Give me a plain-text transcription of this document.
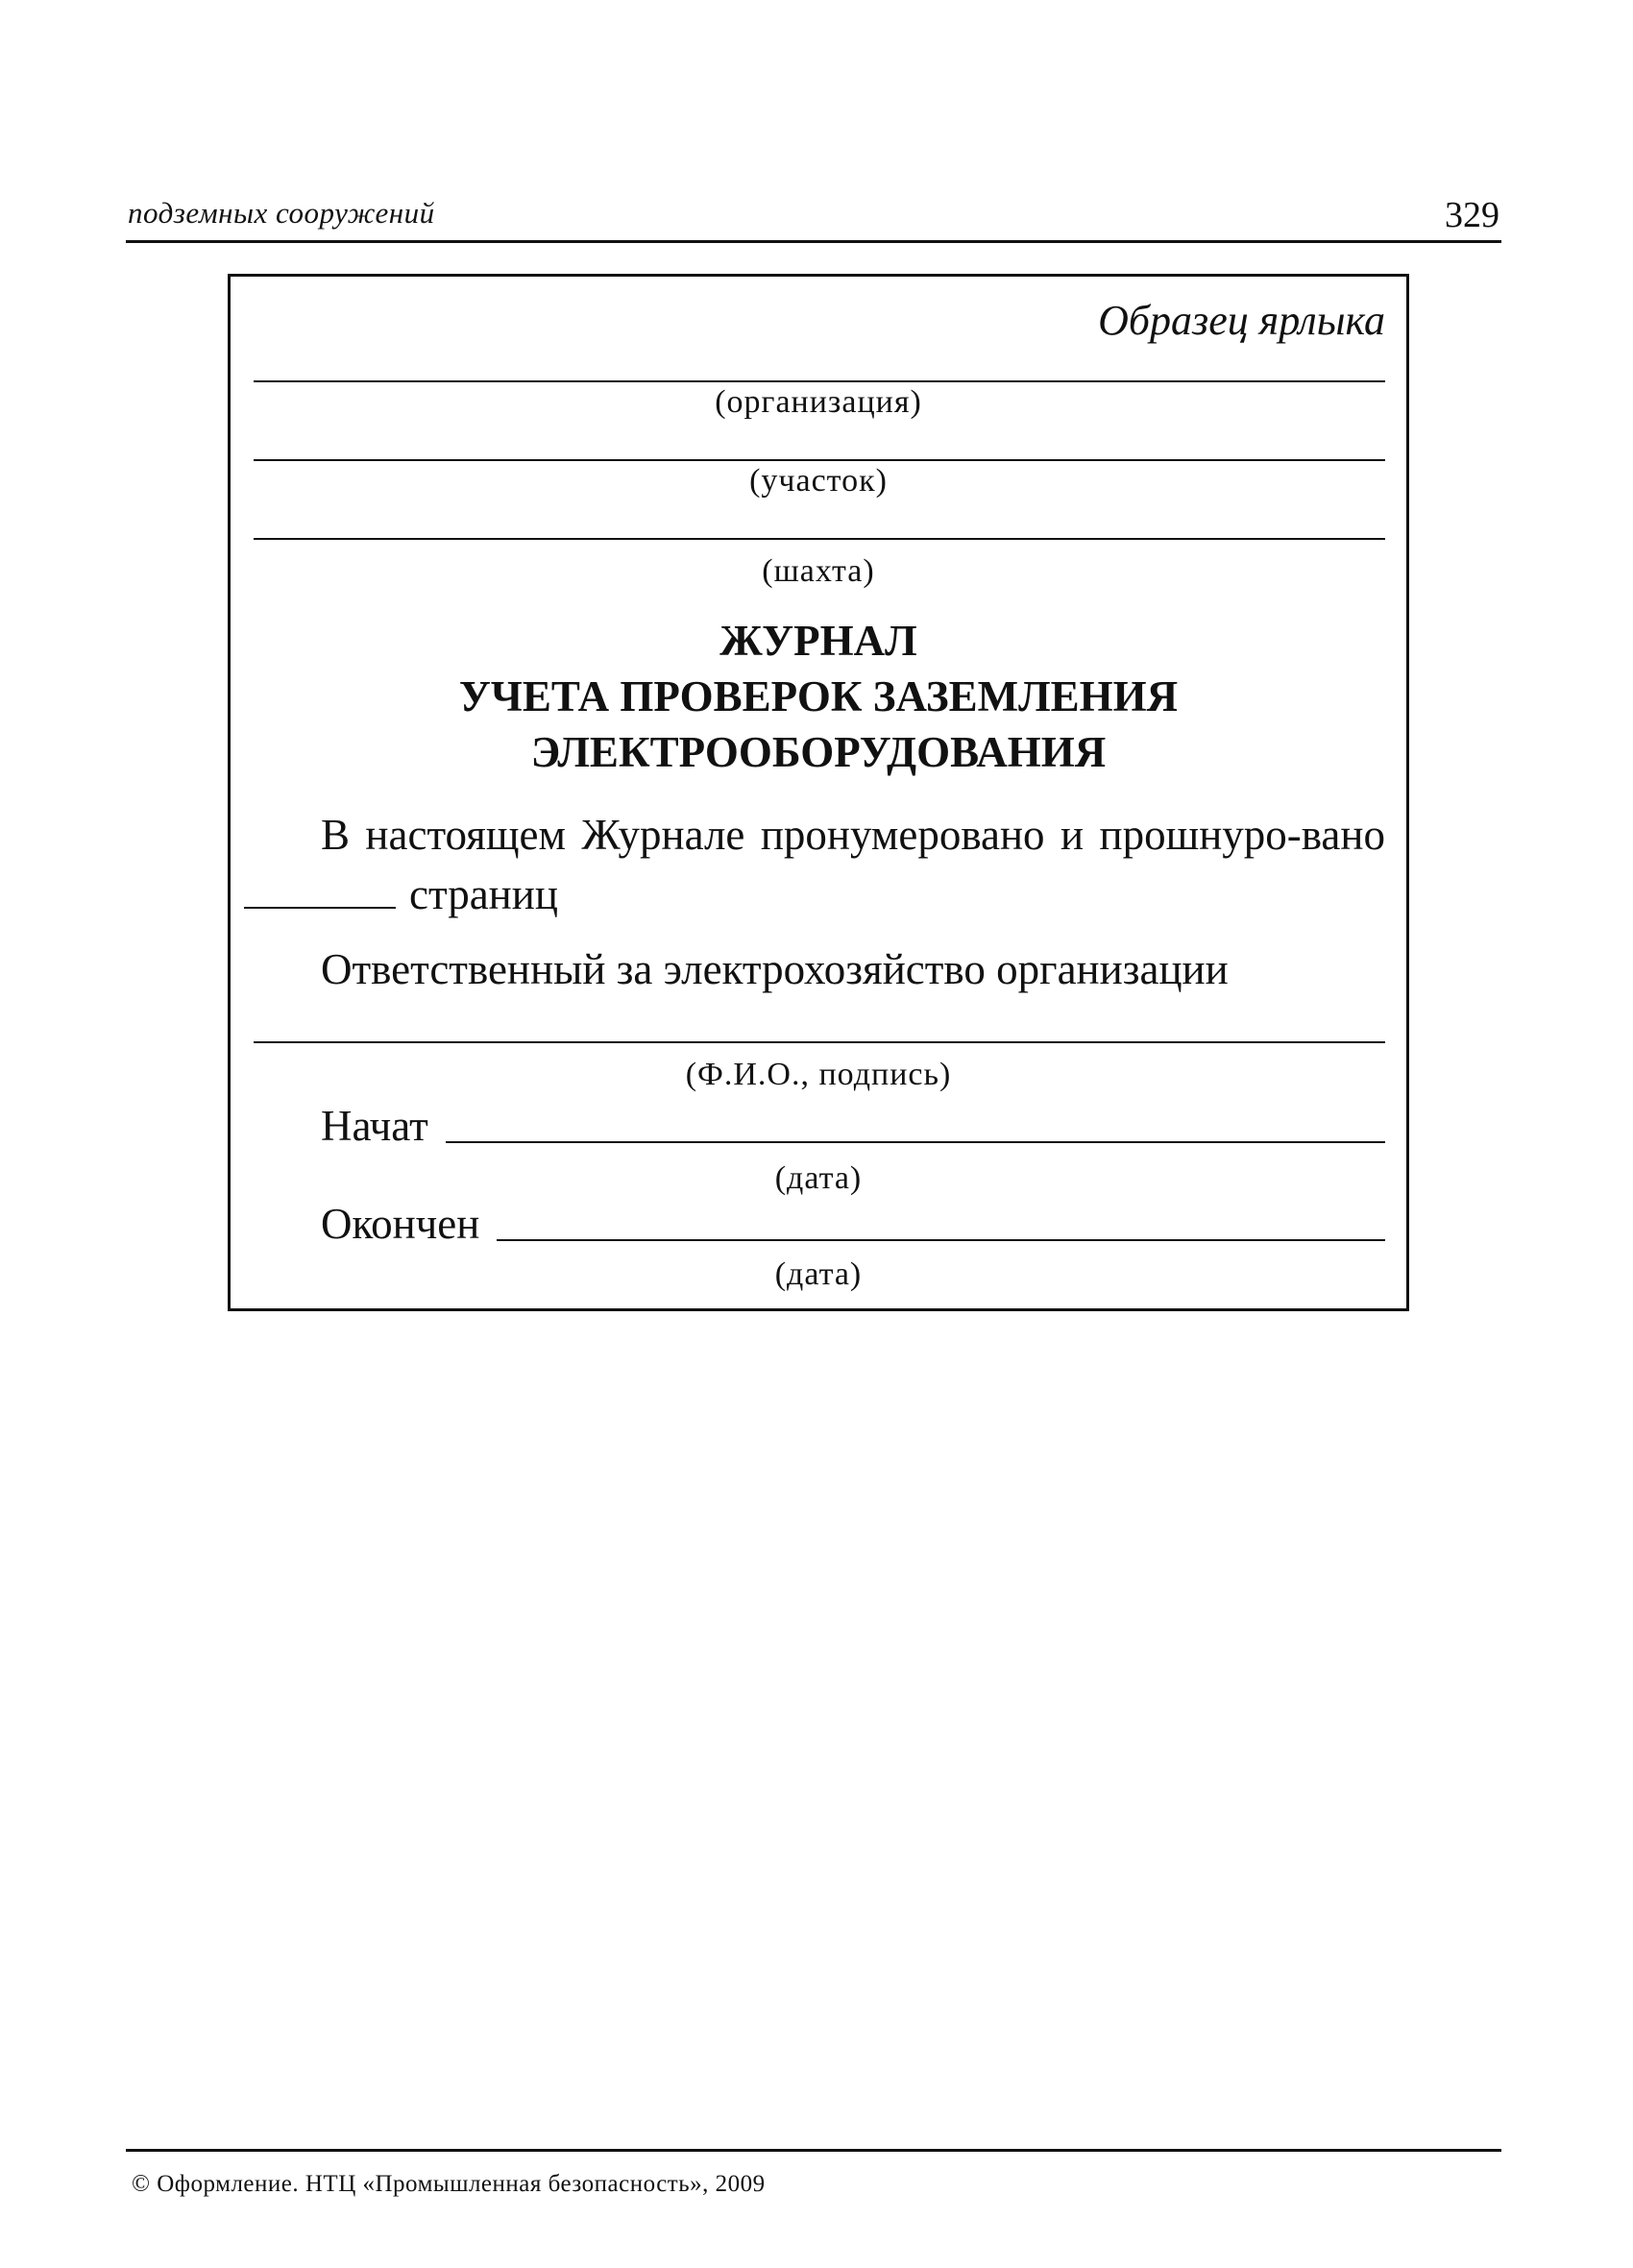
подземных сооружений	329
Образец ярлыка
(организация)
(участок)
(шахта)
ЖУРНАЛ
УЧЕТА ПРОВЕРОК ЗАЗЕМЛЕНИЯ
ЭЛЕКТРООБОРУДОВАНИЯ
В настоящем Журнале пронумеровано и прошнуро-ваностраниц
Ответственный за электрохозяйство организации
(Ф.И.О., подпись)
Начат
(дата)
Окончен
(дата)
© Оформление. НТЦ «Промышленная безопасность», 2009
